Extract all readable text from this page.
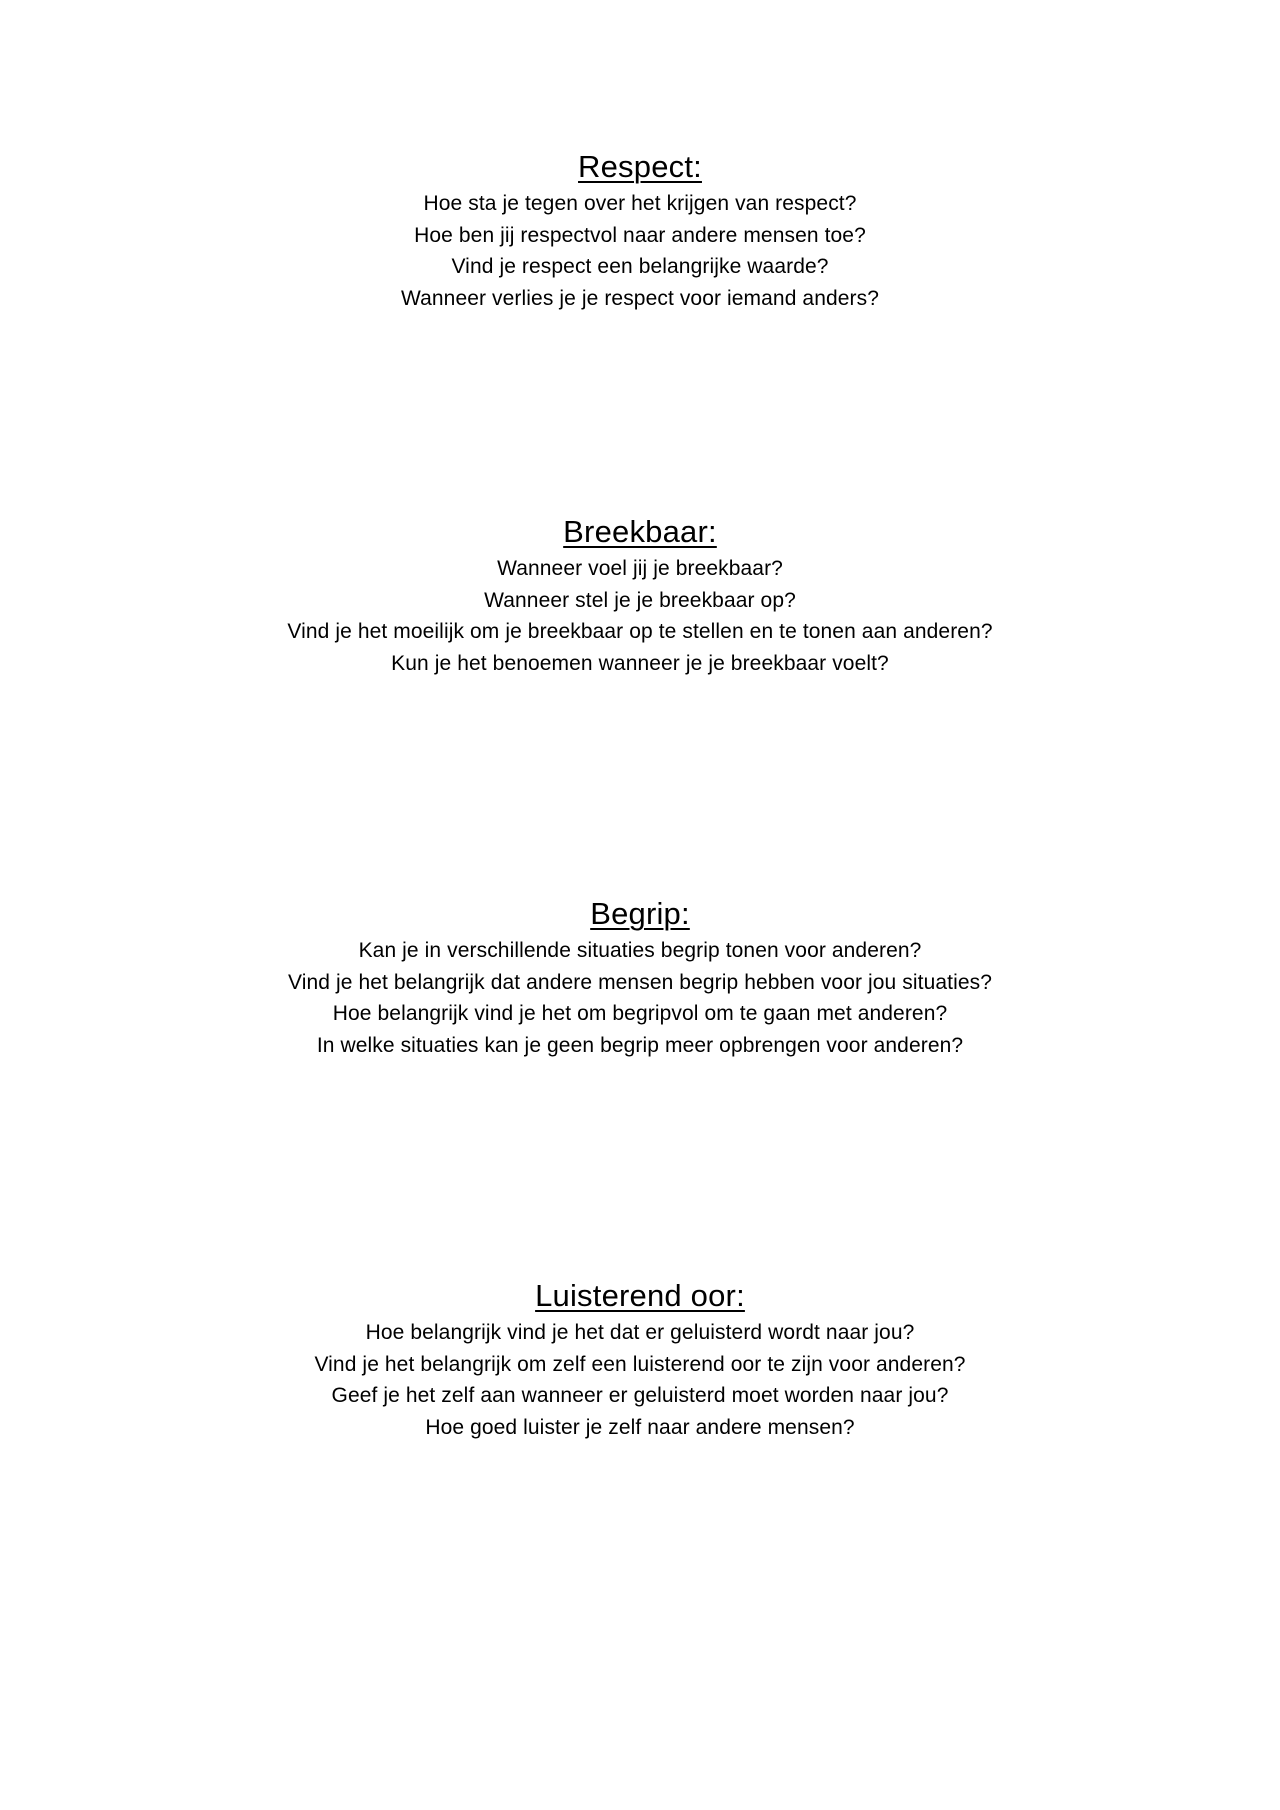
Respect:

Hoe sta je tegen over het krijgen van respect?

Hoe ben jij respectvol naar andere mensen toe?

Vind je respect een belangrijke waarde?

Wanneer verlies je je respect voor iemand anders?

Breekbaar:

Wanneer voel jij je breekbaar?

Wanneer stel je je breekbaar op?

Vind je het moeilijk om je breekbaar op te stellen en te tonen aan anderen?

Kun je het benoemen wanneer je je breekbaar voelt?

Begrip:

Kan je in verschillende situaties begrip tonen voor anderen?

Vind je het belangrijk dat andere mensen begrip hebben voor jou situaties?

Hoe belangrijk vind je het om begripvol om te gaan met anderen?

In welke situaties kan je geen begrip meer opbrengen voor anderen?

Luisterend oor:

Hoe belangrijk vind je het dat er geluisterd wordt naar jou?

Vind je het belangrijk om zelf een luisterend oor te zijn voor anderen?

Geef je het zelf aan wanneer er geluisterd moet worden naar jou?

Hoe goed luister je zelf naar andere mensen?
